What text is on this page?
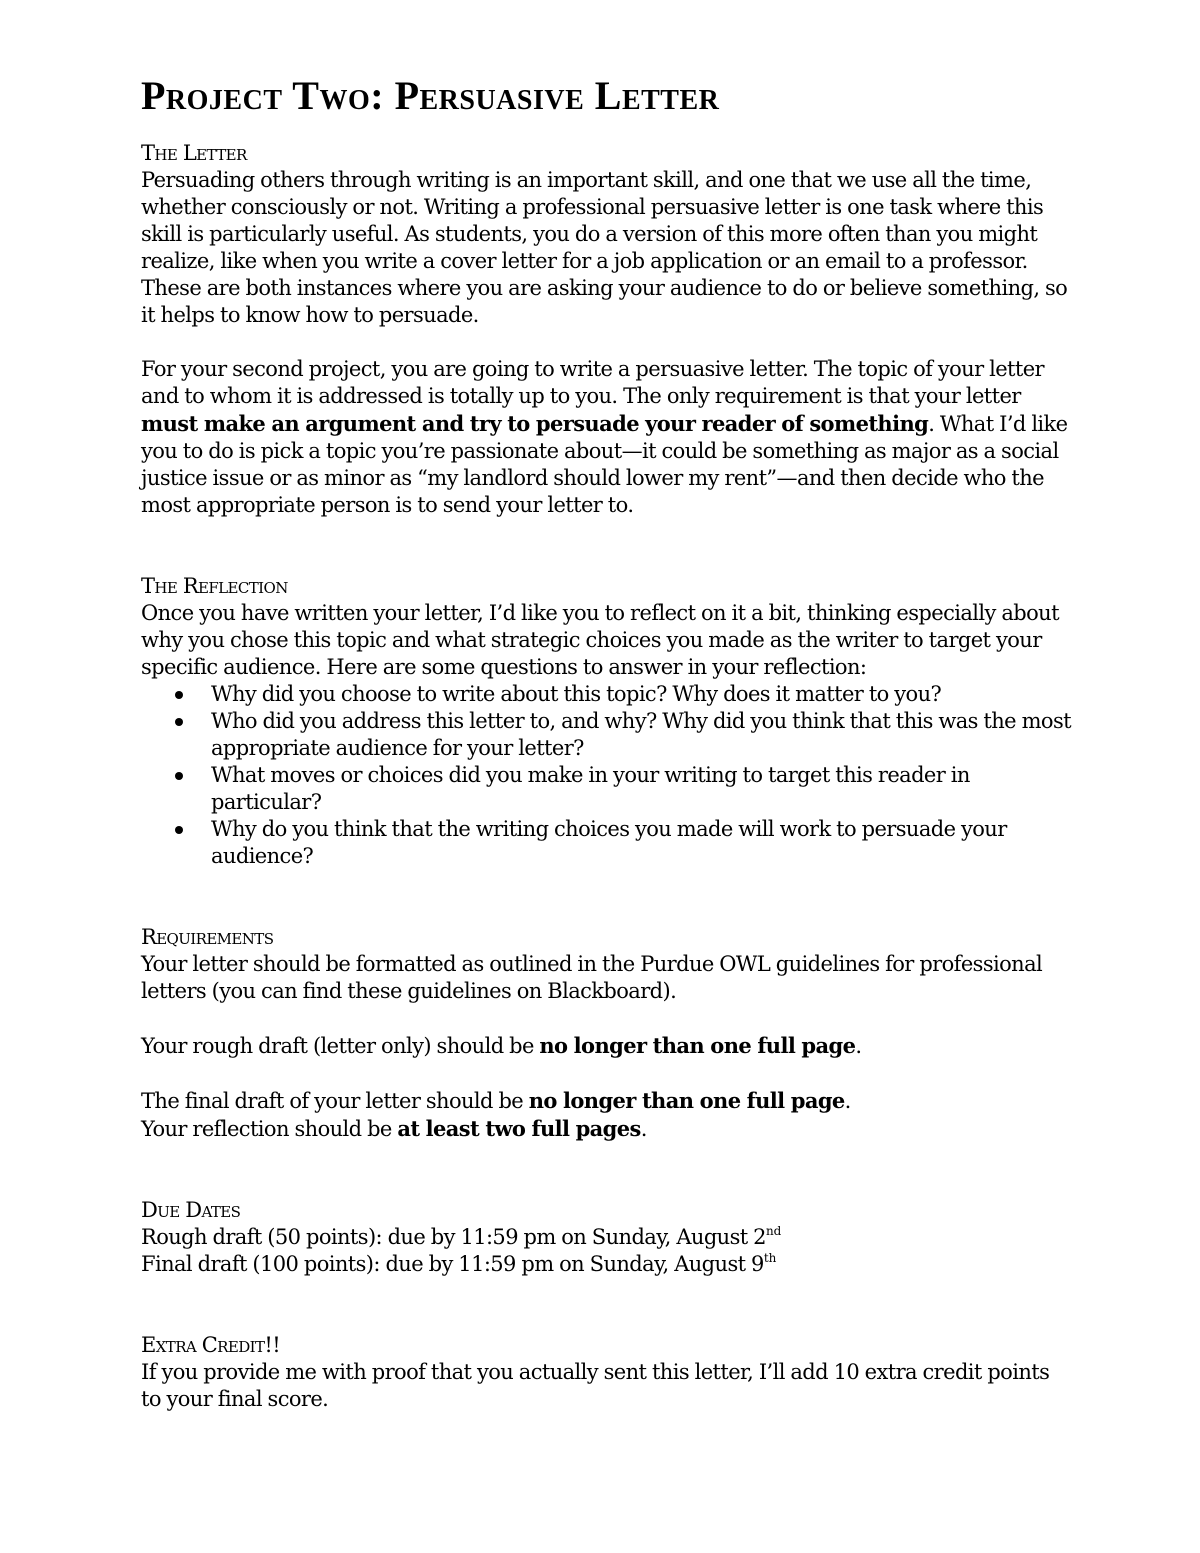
Project Two: Persuasive Letter
The Letter

Persuading others through writing is an important skill, and one that we use all the time, whether consciously or not. Writing a professional persuasive letter is one task where this skill is particularly useful. As students, you do a version of this more often than you might realize, like when you write a cover letter for a job application or an email to a professor. These are both instances where you are asking your audience to do or believe something, so it helps to know how to persuade.

For your second project, you are going to write a persuasive letter. The topic of your letter and to whom it is addressed is totally up to you. The only requirement is that your letter must make an argument and try to persuade your reader of something. What I’d like you to do is pick a topic you’re passionate about—it could be something as major as a social justice issue or as minor as “my landlord should lower my rent”—and then decide who the most appropriate person is to send your letter to.

The Reflection

Once you have written your letter, I’d like you to reflect on it a bit, thinking especially about why you chose this topic and what strategic choices you made as the writer to target your specific audience. Here are some questions to answer in your reflection:

Why did you choose to write about this topic? Why does it matter to you?
Who did you address this letter to, and why? Why did you think that this was the most appropriate audience for your letter?
What moves or choices did you make in your writing to target this reader in particular?
Why do you think that the writing choices you made will work to persuade your audience?
Requirements

Your letter should be formatted as outlined in the Purdue OWL guidelines for professional letters (you can find these guidelines on Blackboard).

Your rough draft (letter only) should be no longer than one full page.

The final draft of your letter should be no longer than one full page.

Your reflection should be at least two full pages.

Due Dates

Rough draft (50 points): due by 11:59 pm on Sunday, August 2nd

Final draft (100 points): due by 11:59 pm on Sunday, August 9th

Extra Credit!!

If you provide me with proof that you actually sent this letter, I’ll add 10 extra credit points to your final score.
